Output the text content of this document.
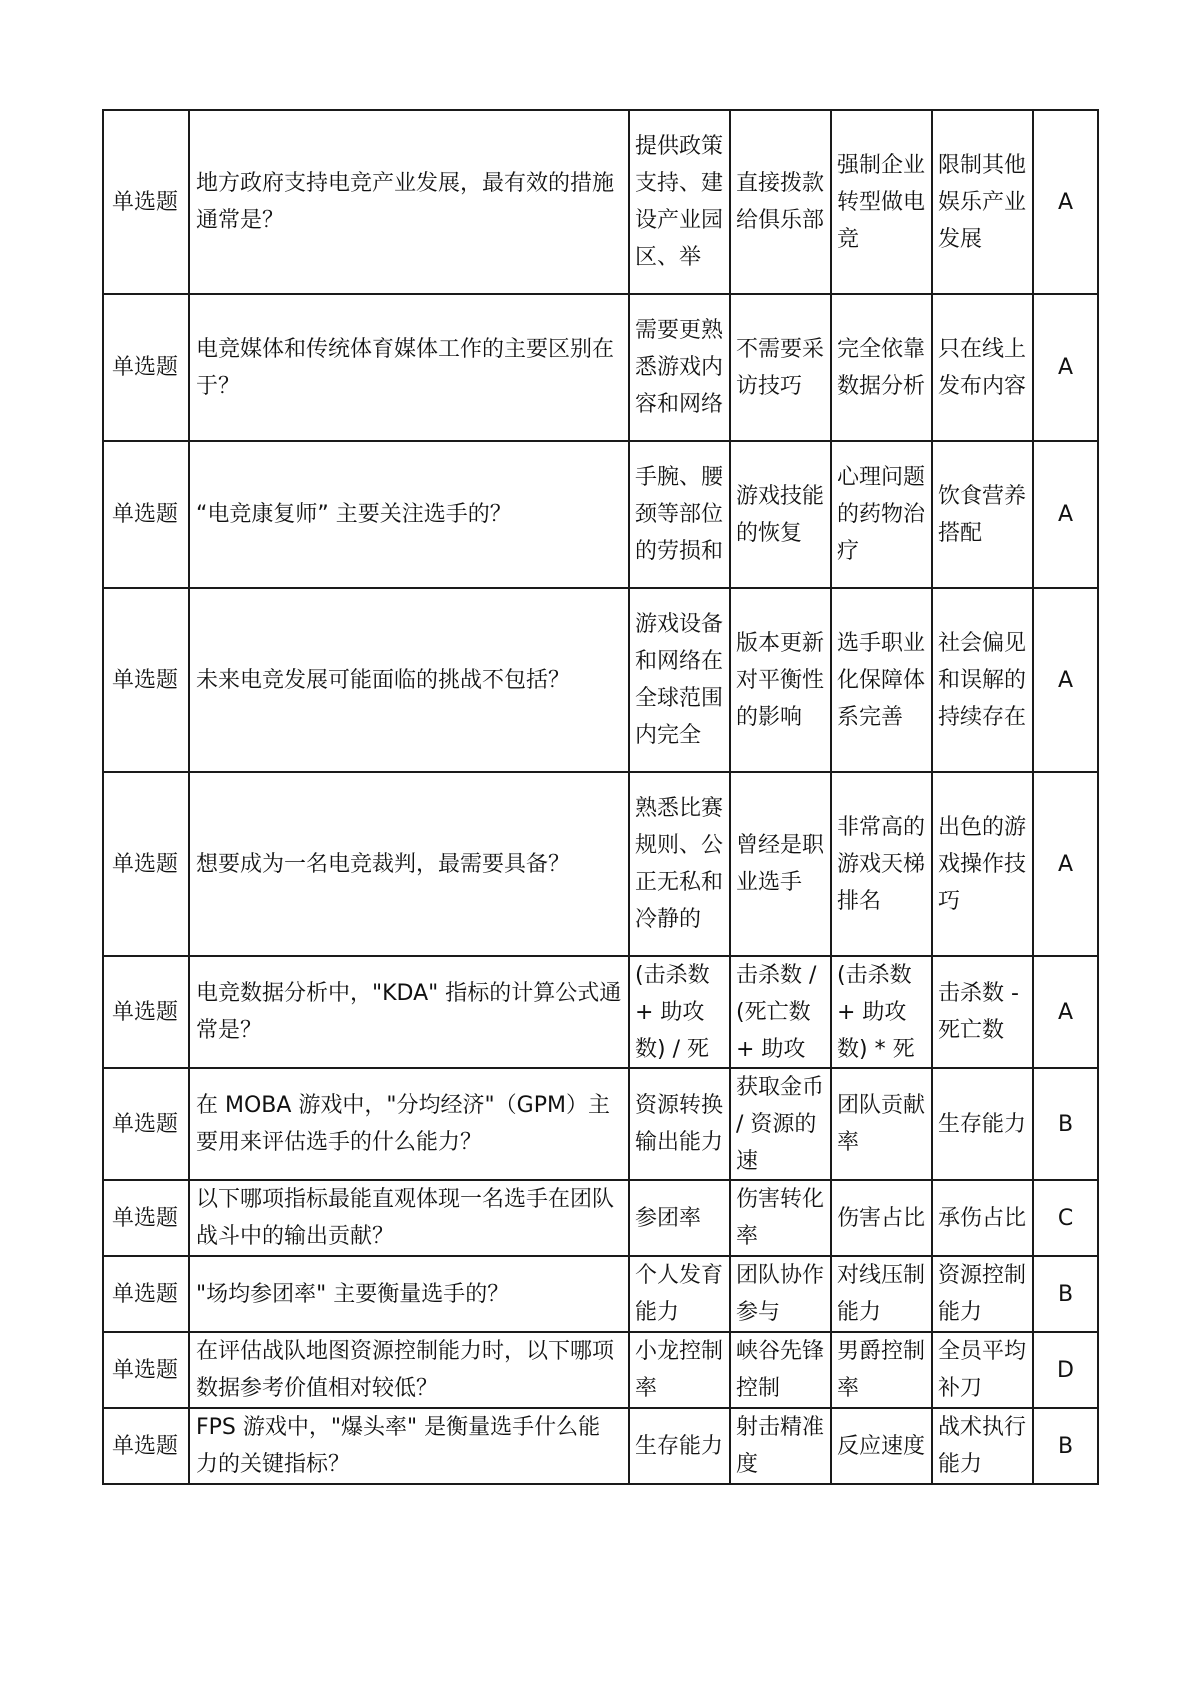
单选题	地方政府支持电竞产业发展，最有效的措施通常是？	提供政策支持、建设产业园区、举	直接拨款给俱乐部	强制企业转型做电竞	限制其他娱乐产业发展	A
单选题	电竞媒体和传统体育媒体工作的主要区别在于？	需要更熟悉游戏内容和网络	不需要采访技巧	完全依靠数据分析	只在线上发布内容	A
单选题	“电竞康复师” 主要关注选手的？	手腕、腰颈等部位的劳损和	游戏技能的恢复	心理问题的药物治疗	饮食营养搭配	A
单选题	未来电竞发展可能面临的挑战不包括？	游戏设备和网络在全球范围内完全	版本更新对平衡性的影响	选手职业化保障体系完善	社会偏见和误解的持续存在	A
单选题	想要成为一名电竞裁判，最需要具备？	熟悉比赛规则、公正无私和冷静的	曾经是职业选手	非常高的游戏天梯排名	出色的游戏操作技巧	A
单选题	电竞数据分析中，"KDA" 指标的计算公式通常是？	(击杀数 + 助攻数) / 死	击杀数 / (死亡数 + 助攻	(击杀数 + 助攻数) * 死	击杀数 - 死亡数	A
单选题	在 MOBA 游戏中，"分均经济"（GPM）主要用来评估选手的什么能力？	资源转换输出能力	获取金币 / 资源的速	团队贡献率	生存能力	B
单选题	以下哪项指标最能直观体现一名选手在团队战斗中的输出贡献？	参团率	伤害转化率	伤害占比	承伤占比	C
单选题	"场均参团率" 主要衡量选手的？	个人发育能力	团队协作参与	对线压制能力	资源控制能力	B
单选题	在评估战队地图资源控制能力时，以下哪项数据参考价值相对较低？	小龙控制率	峡谷先锋控制	男爵控制率	全员平均补刀	D
单选题	FPS 游戏中，"爆头率" 是衡量选手什么能力的关键指标？	生存能力	射击精准度	反应速度	战术执行能力	B
